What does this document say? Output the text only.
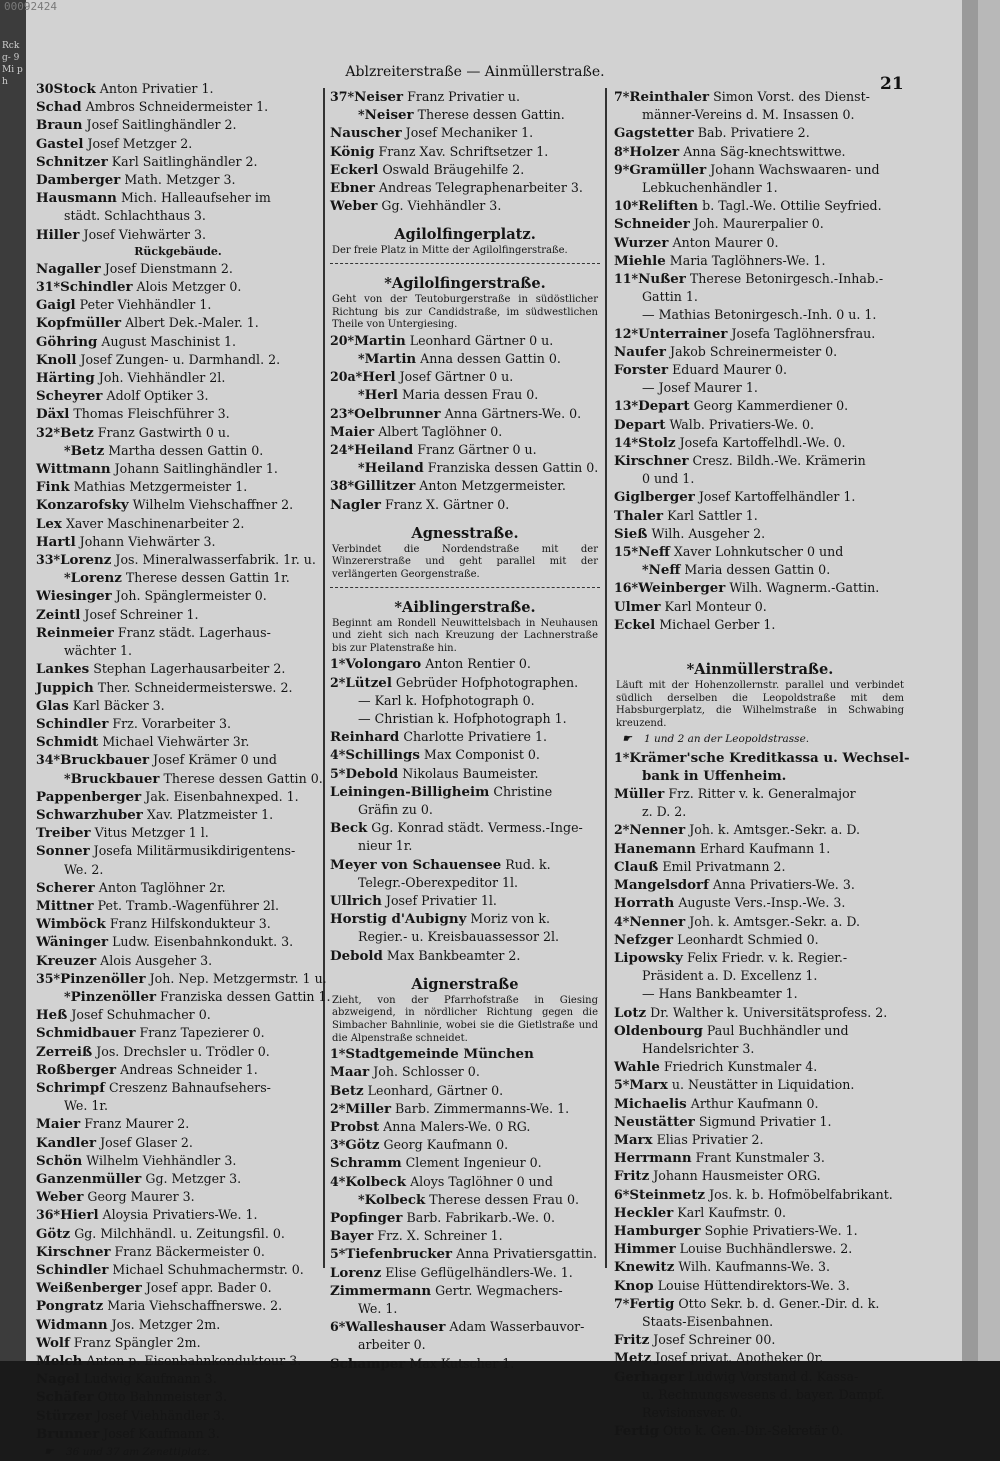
Rckg- 9 Mi ph
00092424
Ablzreiterstraße — Ainmüllerstraße.
21
30Stock Anton Privatier 1.
Schad Ambros Schneidermeister 1.
Braun Josef Saitlinghändler 2.
Gastel Josef Metzger 2.
Schnitzer Karl Saitlinghändler 2.
Damberger Math. Metzger 3.
Hausmann Mich. Halleaufseher im
städt. Schlachthaus 3.
Hiller Josef Viehwärter 3.
Rückgebäude.
Nagaller Josef Dienstmann 2.
31*Schindler Alois Metzger 0.
Gaigl Peter Viehhändler 1.
Kopfmüller Albert Dek.-Maler. 1.
Göhring August Maschinist 1.
Knoll Josef Zungen- u. Darmhandl. 2.
Härting Joh. Viehhändler 2l.
Scheyrer Adolf Optiker 3.
Däxl Thomas Fleischführer 3.
32*Betz Franz Gastwirth 0 u.
*Betz Martha dessen Gattin 0.
Wittmann Johann Saitlinghändler 1.
Fink Mathias Metzgermeister 1.
Konzarofsky Wilhelm Viehschaffner 2.
Lex Xaver Maschinenarbeiter 2.
Hartl Johann Viehwärter 3.
33*Lorenz Jos. Mineralwasserfabrik. 1r. u.
*Lorenz Therese dessen Gattin 1r.
Wiesinger Joh. Spänglermeister 0.
Zeintl Josef Schreiner 1.
Reinmeier Franz städt. Lagerhaus-
wächter 1.
Lankes Stephan Lagerhausarbeiter 2.
Juppich Ther. Schneidermeisterswe. 2.
Glas Karl Bäcker 3.
Schindler Frz. Vorarbeiter 3.
Schmidt Michael Viehwärter 3r.
34*Bruckbauer Josef Krämer 0 und
*Bruckbauer Therese dessen Gattin 0.
Pappenberger Jak. Eisenbahnexped. 1.
Schwarzhuber Xav. Platzmeister 1.
Treiber Vitus Metzger 1 l.
Sonner Josefa Militärmusikdirigentens-
We. 2.
Scherer Anton Taglöhner 2r.
Mittner Pet. Tramb.-Wagenführer 2l.
Wimböck Franz Hilfskondukteur 3.
Wäninger Ludw. Eisenbahnkondukt. 3.
Kreuzer Alois Ausgeher 3.
35*Pinzenöller Joh. Nep. Metzgermstr. 1 u.
*Pinzenöller Franziska dessen Gattin 1.
Heß Josef Schuhmacher 0.
Schmidbauer Franz Tapezierer 0.
Zerreiß Jos. Drechsler u. Trödler 0.
Roßberger Andreas Schneider 1.
Schrimpf Creszenz Bahnaufsehers-
We. 1r.
Maier Franz Maurer 2.
Kandler Josef Glaser 2.
Schön Wilhelm Viehhändler 3.
Ganzenmüller Gg. Metzger 3.
Weber Georg Maurer 3.
36*Hierl Aloysia Privatiers-We. 1.
Götz Gg. Milchhändl. u. Zeitungsfil. 0.
Kirschner Franz Bäckermeister 0.
Schindler Michael Schuhmachermstr. 0.
Weißenberger Josef appr. Bader 0.
Pongratz Maria Viehschaffnerswe. 2.
Widmann Jos. Metzger 2m.
Wolf Franz Spängler 2m.
Melch Anton p. Eisenbahnkondukteur 3.
Nagel Ludwig Kaufmann 3.
Schäfer Otto Bahnmeister 3.
Stürzer Josef Viehhändler 3.
Brunner Josef Kaufmann 3.
☛ 36 und 37 am Zenettiplatz.
37*Neiser Franz Privatier u.
*Neiser Therese dessen Gattin.
Nauscher Josef Mechaniker 1.
König Franz Xav. Schriftsetzer 1.
Eckerl Oswald Bräugehilfe 2.
Ebner Andreas Telegraphenarbeiter 3.
Weber Gg. Viehhändler 3.
Agilolfingerplatz.
Der freie Platz in Mitte der Agilolfingerstraße.
*Agilolfingerstraße.
Geht von der Teutoburgerstraße in südöstlicher Richtung bis zur Candidstraße, im südwestlichen Theile von Untergiesing.
20*Martin Leonhard Gärtner 0 u.
*Martin Anna dessen Gattin 0.
20a*Herl Josef Gärtner 0 u.
*Herl Maria dessen Frau 0.
23*Oelbrunner Anna Gärtners-We. 0.
Maier Albert Taglöhner 0.
24*Heiland Franz Gärtner 0 u.
*Heiland Franziska dessen Gattin 0.
38*Gillitzer Anton Metzgermeister.
Nagler Franz X. Gärtner 0.
Agnesstraße.
Verbindet die Nordendstraße mit der Winzererstraße und geht parallel mit der verlängerten Georgenstraße.
*Aiblingerstraße.
Beginnt am Rondell Neuwittelsbach in Neuhausen und zieht sich nach Kreuzung der Lachnerstraße bis zur Platenstraße hin.
1*Volongaro Anton Rentier 0.
2*Lützel Gebrüder Hofphotographen.
— Karl k. Hofphotograph 0.
— Christian k. Hofphotograph 1.
Reinhard Charlotte Privatiere 1.
4*Schillings Max Componist 0.
5*Debold Nikolaus Baumeister.
Leiningen-Billigheim Christine
Gräfin zu 0.
Beck Gg. Konrad städt. Vermess.-Inge-
nieur 1r.
Meyer von Schauensee Rud. k.
Telegr.-Oberexpeditor 1l.
Ullrich Josef Privatier 1l.
Horstig d'Aubigny Moriz von k.
Regier.- u. Kreisbauassessor 2l.
Debold Max Bankbeamter 2.
Aignerstraße
Zieht, von der Pfarrhofstraße in Giesing abzweigend, in nördlicher Richtung gegen die Simbacher Bahnlinie, wobei sie die Gietlstraße und die Alpenstraße schneidet.
1*Stadtgemeinde München
Maar Joh. Schlosser 0.
Betz Leonhard, Gärtner 0.
2*Miller Barb. Zimmermanns-We. 1.
Probst Anna Malers-We. 0 RG.
3*Götz Georg Kaufmann 0.
Schramm Clement Ingenieur 0.
4*Kolbeck Aloys Taglöhner 0 und
*Kolbeck Therese dessen Frau 0.
Popfinger Barb. Fabrikarb.-We. 0.
Bayer Frz. X. Schreiner 1.
5*Tiefenbrucker Anna Privatiersgattin.
Lorenz Elise Geflügelhändlers-We. 1.
Zimmermann Gertr. Wegmachers-
We. 1.
6*Walleshauser Adam Wasserbauvor-
arbeiter 0.
Schamper Max Kutscher 1.
7*Reinthaler Simon Vorst. des Dienst-
männer-Vereins d. M. Insassen 0.
Gagstetter Bab. Privatiere 2.
8*Holzer Anna Säg-knechtswittwe.
9*Gramüller Johann Wachswaaren- und
Lebkuchenhändler 1.
10*Reliften b. Tagl.-We. Ottilie Seyfried.
Schneider Joh. Maurerpalier 0.
Wurzer Anton Maurer 0.
Miehle Maria Taglöhners-We. 1.
11*Nußer Therese Betonirgesch.-Inhab.-
Gattin 1.
— Mathias Betonirgesch.-Inh. 0 u. 1.
12*Unterrainer Josefa Taglöhnersfrau.
Naufer Jakob Schreinermeister 0.
Forster Eduard Maurer 0.
— Josef Maurer 1.
13*Depart Georg Kammerdiener 0.
Depart Walb. Privatiers-We. 0.
14*Stolz Josefa Kartoffelhdl.-We. 0.
Kirschner Cresz. Bildh.-We. Krämerin
0 und 1.
Giglberger Josef Kartoffelhändler 1.
Thaler Karl Sattler 1.
Sieß Wilh. Ausgeher 2.
15*Neff Xaver Lohnkutscher 0 und
*Neff Maria dessen Gattin 0.
16*Weinberger Wilh. Wagnerm.-Gattin.
Ulmer Karl Monteur 0.
Eckel Michael Gerber 1.
*Ainmüllerstraße.
Läuft mit der Hohenzollernstr. parallel und verbindet südlich derselben die Leopoldstraße mit dem Habsburgerplatz, die Wilhelmstraße in Schwabing kreuzend.
☛ 1 und 2 an der Leopoldstrasse.
1*Krämer'sche Kreditkassa u. Wechsel-
bank in Uffenheim.
Müller Frz. Ritter v. k. Generalmajor
z. D. 2.
2*Nenner Joh. k. Amtsger.-Sekr. a. D.
Hanemann Erhard Kaufmann 1.
Clauß Emil Privatmann 2.
Mangelsdorf Anna Privatiers-We. 3.
Horrath Auguste Vers.-Insp.-We. 3.
4*Nenner Joh. k. Amtsger.-Sekr. a. D.
Nefzger Leonhardt Schmied 0.
Lipowsky Felix Friedr. v. k. Regier.-
Präsident a. D. Excellenz 1.
— Hans Bankbeamter 1.
Lotz Dr. Walther k. Universitätsprofess. 2.
Oldenbourg Paul Buchhändler und
Handelsrichter 3.
Wahle Friedrich Kunstmaler 4.
5*Marx u. Neustätter in Liquidation.
Michaelis Arthur Kaufmann 0.
Neustätter Sigmund Privatier 1.
Marx Elias Privatier 2.
Herrmann Frant Kunstmaler 3.
Fritz Johann Hausmeister ORG.
6*Steinmetz Jos. k. b. Hofmöbelfabrikant.
Heckler Karl Kaufmstr. 0.
Hamburger Sophie Privatiers-We. 1.
Himmer Louise Buchhändlerswe. 2.
Knewitz Wilh. Kaufmanns-We. 3.
Knop Louise Hüttendirektors-We. 3.
7*Fertig Otto Sekr. b. d. Gener.-Dir. d. k.
Staats-Eisenbahnen.
Fritz Josef Schreiner 00.
Metz Josef privat. Apotheker 0r.
Gerhager Ludwig Vorstand d. Kassa-
u. Rechnungswesens d. bayer. Dampf.
Revisionsver. 0.
Fertig Otto k. Gen.-Dir.-Sekretär 0.
